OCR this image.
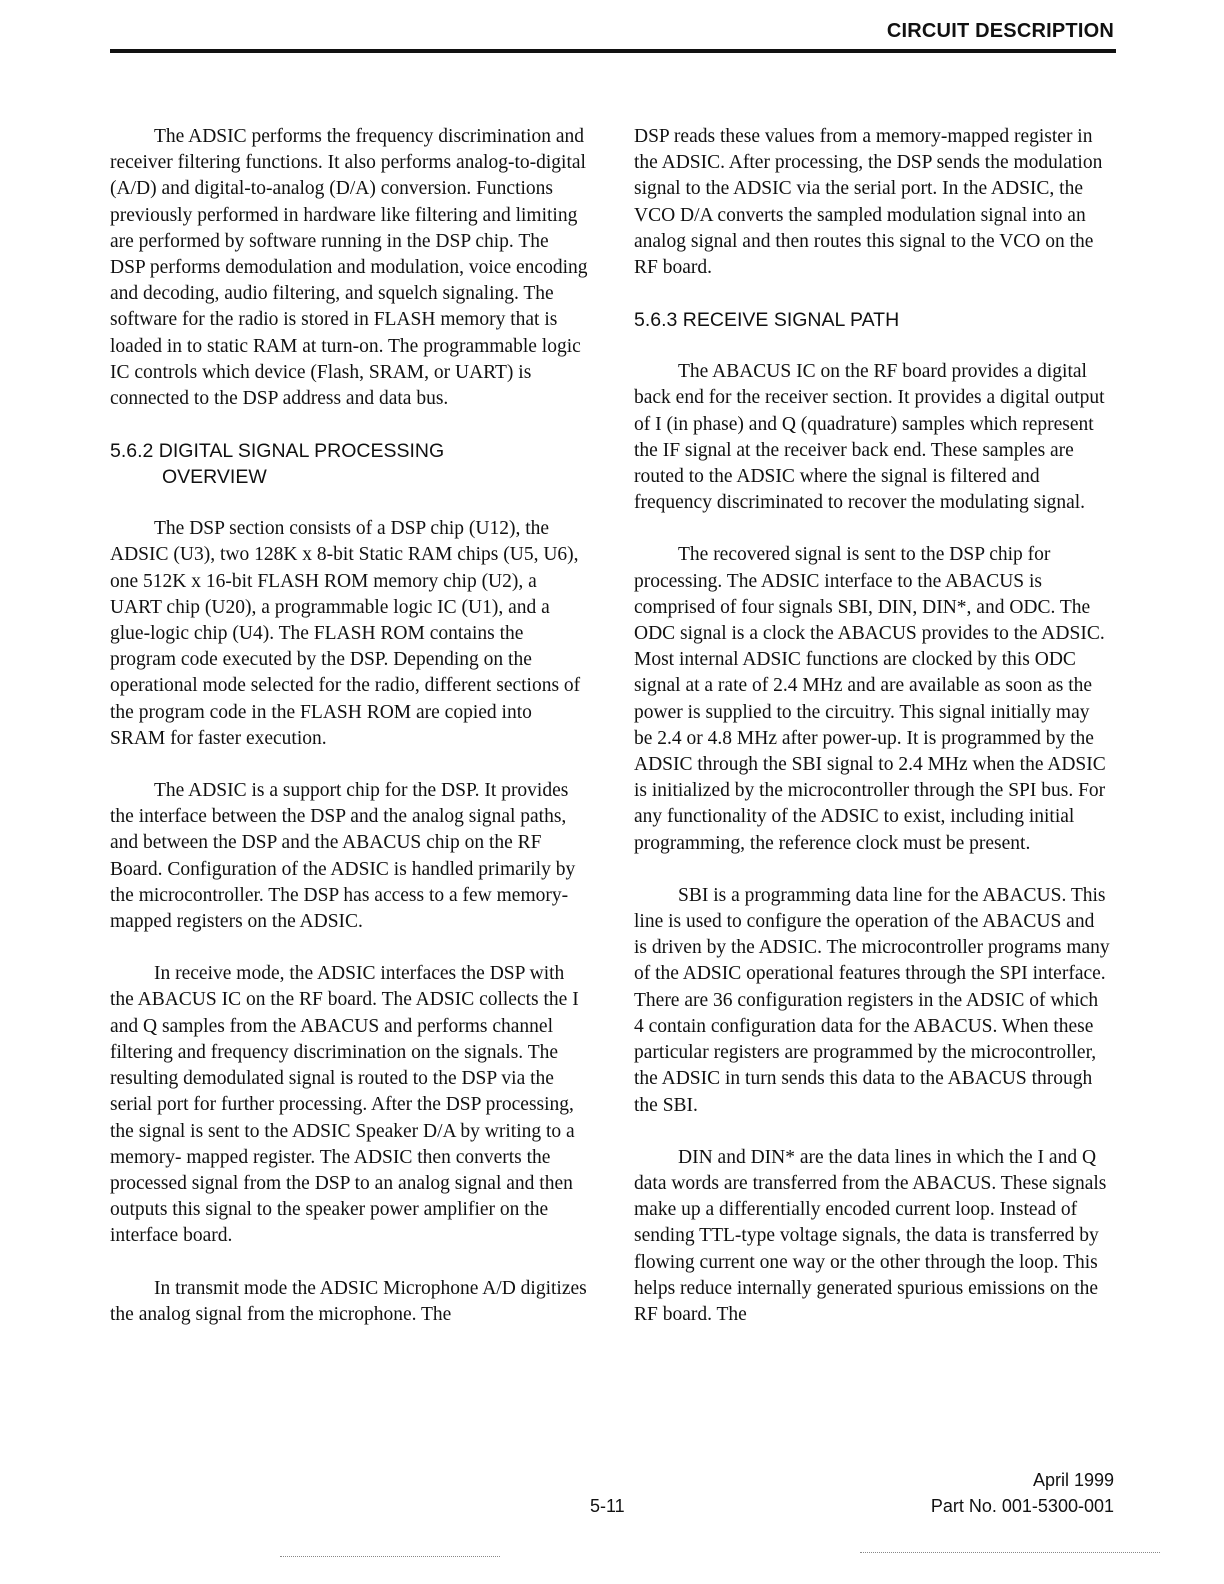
CIRCUIT DESCRIPTION

The ADSIC performs the frequency discrimination and receiver filtering functions. It also performs analog-to-digital (A/D) and digital-to-analog (D/A) conversion. Functions previously performed in hardware like filtering and limiting are performed by software running in the DSP chip. The DSP performs demodulation and modulation, voice encoding and decoding, audio filtering, and squelch signaling. The software for the radio is stored in FLASH memory that is loaded in to static RAM at turn-on. The programmable logic IC controls which device (Flash, SRAM, or UART) is connected to the DSP address and data bus.

5.6.2 DIGITAL SIGNAL PROCESSING
OVERVIEW

The DSP section consists of a DSP chip (U12), the ADSIC (U3), two 128K x 8-bit Static RAM chips (U5, U6), one 512K x 16-bit FLASH ROM memory chip (U2), a UART chip (U20), a programmable logic IC (U1), and a glue-logic chip (U4). The FLASH ROM contains the program code executed by the DSP. Depending on the operational mode selected for the radio, different sections of the program code in the FLASH ROM are copied into SRAM for faster execution.

The ADSIC is a support chip for the DSP. It provides the interface between the DSP and the analog signal paths, and between the DSP and the ABACUS chip on the RF Board. Configuration of the ADSIC is handled primarily by the microcontroller. The DSP has access to a few memory-mapped registers on the ADSIC.

In receive mode, the ADSIC interfaces the DSP with the ABACUS IC on the RF board. The ADSIC collects the I and Q samples from the ABACUS and performs channel filtering and frequency discrimination on the signals. The resulting demodulated signal is routed to the DSP via the serial port for further processing. After the DSP processing, the signal is sent to the ADSIC Speaker D/A by writing to a memory- mapped register. The ADSIC then converts the processed signal from the DSP to an analog signal and then outputs this signal to the speaker power amplifier on the interface board.

In transmit mode the ADSIC Microphone A/D digitizes the analog signal from the microphone. The

DSP reads these values from a memory-mapped register in the ADSIC. After processing, the DSP sends the modulation signal to the ADSIC via the serial port. In the ADSIC, the VCO D/A converts the sampled modulation signal into an analog signal and then routes this signal to the VCO on the RF board.

5.6.3 RECEIVE SIGNAL PATH

The ABACUS IC on the RF board provides a digital back end for the receiver section. It provides a digital output of I (in phase) and Q (quadrature) samples which represent the IF signal at the receiver back end. These samples are routed to the ADSIC where the signal is filtered and frequency discriminated to recover the modulating signal.

The recovered signal is sent to the DSP chip for processing. The ADSIC interface to the ABACUS is comprised of four signals SBI, DIN, DIN*, and ODC. The ODC signal is a clock the ABACUS provides to the ADSIC. Most internal ADSIC functions are clocked by this ODC signal at a rate of 2.4 MHz and are available as soon as the power is supplied to the circuitry. This signal initially may be 2.4 or 4.8 MHz after power-up. It is programmed by the ADSIC through the SBI signal to 2.4 MHz when the ADSIC is initialized by the microcontroller through the SPI bus. For any functionality of the ADSIC to exist, including initial programming, the reference clock must be present.

SBI is a programming data line for the ABACUS. This line is used to configure the operation of the ABACUS and is driven by the ADSIC. The microcontroller programs many of the ADSIC operational features through the SPI interface. There are 36 configuration registers in the ADSIC of which 4 contain configuration data for the ABACUS. When these particular registers are programmed by the microcontroller, the ADSIC in turn sends this data to the ABACUS through the SBI.

DIN and DIN* are the data lines in which the I and Q data words are transferred from the ABACUS. These signals make up a differentially encoded current loop. Instead of sending TTL-type voltage signals, the data is transferred by flowing current one way or the other through the loop. This helps reduce internally generated spurious emissions on the RF board. The

April 1999
5-11	Part No. 001-5300-001
